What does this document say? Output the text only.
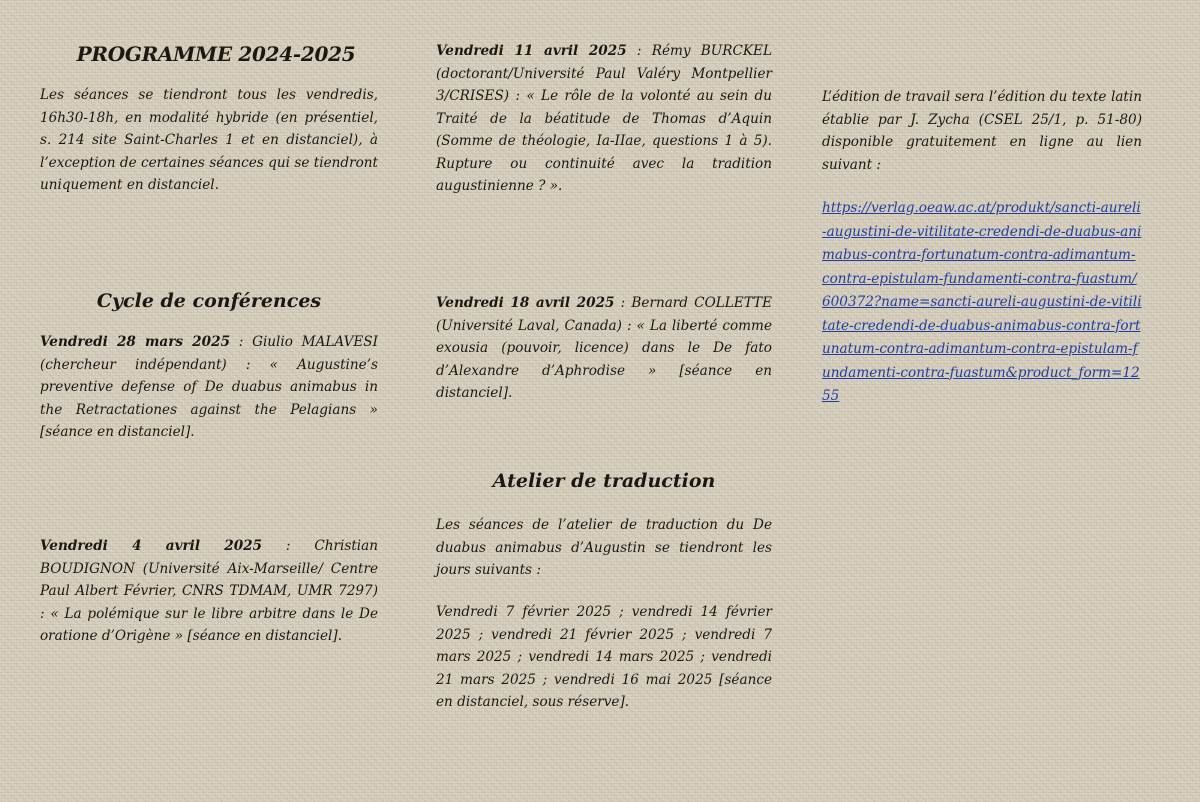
PROGRAMME 2024-2025

Les séances se tiendront tous les vendredis, 16h30-18h, en modalité hybride (en présentiel, s. 214 site Saint-Charles 1 et en distanciel), à l’exception de certaines séances qui se tiendront uniquement en distanciel.

Cycle de conférences

Vendredi 28 mars 2025 : Giulio MALAVESI (chercheur indépendant) : « Augustine’s preventive defense of De duabus animabus in the Retractationes against the Pelagians » [séance en distanciel].

Vendredi 4 avril 2025 : Christian BOUDIGNON (Université Aix-Marseille/ Centre Paul Albert Février, CNRS TDMAM, UMR 7297) : « La polémique sur le libre arbitre dans le De oratione d’Origène » [séance en distanciel].

Vendredi 11 avril 2025 : Rémy BURCKEL (doctorant/Université Paul Valéry Montpellier 3/CRISES) : « Le rôle de la volonté au sein du Traité de la béatitude de Thomas d’Aquin (Somme de théologie, Ia-IIae, questions 1 à 5). Rupture ou continuité avec la tradition augustinienne ? ».

Vendredi 18 avril 2025 : Bernard COLLETTE (Université Laval, Canada) : « La liberté comme exousia (pouvoir, licence) dans le De fato d’Alexandre d’Aphrodise » [séance en distanciel].

Atelier de traduction

Les séances de l’atelier de traduction du De duabus animabus d’Augustin se tiendront les jours suivants :

Vendredi 7 février 2025 ; vendredi 14 février 2025 ; vendredi 21 février 2025 ; vendredi 7 mars 2025 ; vendredi 14 mars 2025 ; vendredi 21 mars 2025 ; vendredi 16 mai 2025 [séance en distanciel, sous réserve].

L’édition de travail sera l’édition du texte latin établie par J. Zycha (CSEL 25/1, p. 51-80) disponible gratuitement en ligne au lien suivant :

https://verlag.oeaw.ac.at/produkt/sancti-aureli-augustini-de-vitilitate-credendi-de-duabus-animabus-contra-fortunatum-contra-adimantum-contra-epistulam-fundamenti-contra-fuastum/600372?name=sancti-aureli-augustini-de-vitilitate-credendi-de-duabus-animabus-contra-fortunatum-contra-adimantum-contra-epistulam-fundamenti-contra-fuastum&product_form=1255
